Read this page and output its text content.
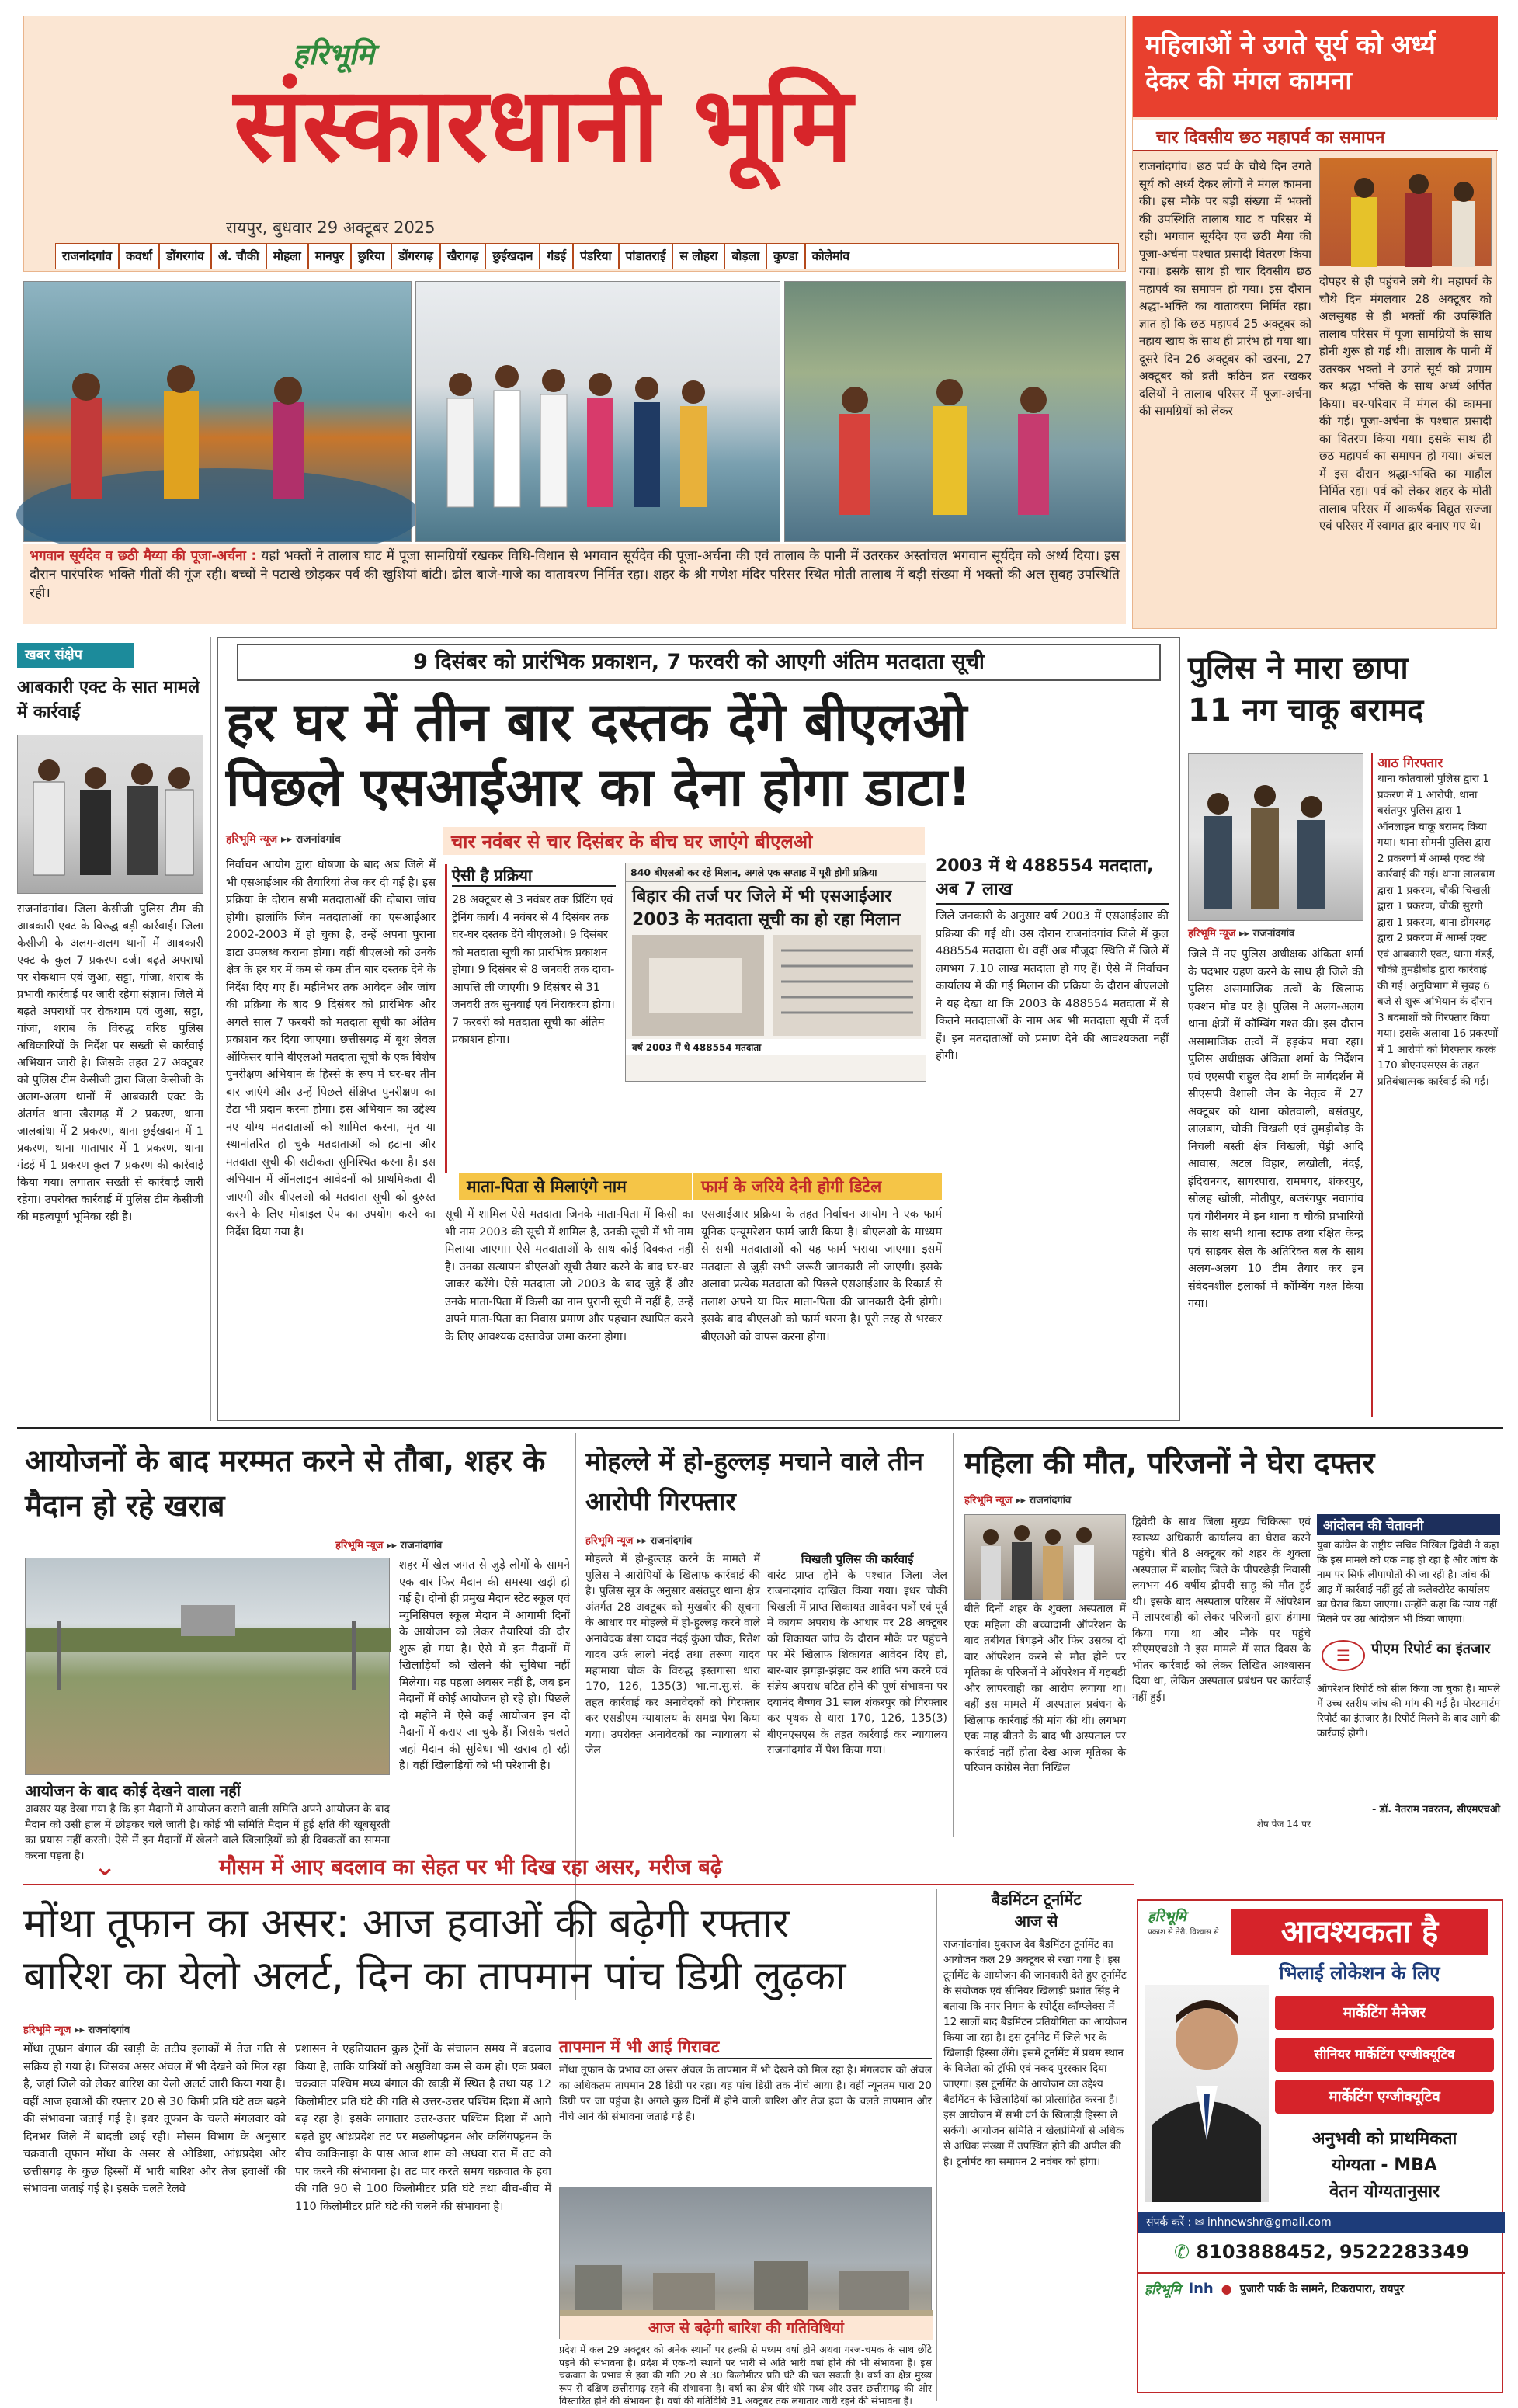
हरिभूमि
संस्कारधानी भूमि
रायपुर, बुधवार 29 अक्टूबर 2025
राजनांदगांव	कवर्धा	डोंगरगांव	अं. चौकी	मोहला	मानपुर	छुरिया	डोंगरगढ़	खैरागढ़	छुईखदान	गंडई	पंडरिया	पांडातराई	स लोहरा	बोड़ला	कुण्डा	कोलेमांव
भगवान सूर्यदेव व छठी मैय्या की पूजा-अर्चना : यहां भक्तों ने तालाब घाट में पूजा सामग्रियों रखकर विधि-विधान से भगवान सूर्यदेव की पूजा-अर्चना की एवं तालाब के पानी में उतरकर अस्तांचल भगवान सूर्यदेव को अर्ध्य दिया। इस दौरान पारंपरिक भक्ति गीतों की गूंज रही। बच्चों ने पटाखे छोड़कर पर्व की खुशियां बांटी। ढोल बाजे-गाजे का वातावरण निर्मित रहा। शहर के श्री गणेश मंदिर परिसर स्थित मोती तालाब में बड़ी संख्या में भक्तों की अल सुबह उपस्थिति रही।
महिलाओं ने उगते सूर्य को अर्ध्य देकर की मंगल कामना
चार दिवसीय छठ महापर्व का समापन
राजनांदगांव। छठ पर्व के चौथे दिन उगते सूर्य को अर्ध्य देकर लोगों ने मंगल कामना की। इस मौके पर बड़ी संख्या में भक्तों की उपस्थिति तालाब घाट व परिसर में रही। भगवान सूर्यदेव एवं छठी मैया की पूजा-अर्चना पश्चात प्रसादी वितरण किया गया। इसके साथ ही चार दिवसीय छठ महापर्व का समापन हो गया। इस दौरान श्रद्धा-भक्ति का वातावरण निर्मित रहा। ज्ञात हो कि छठ महापर्व 25 अक्टूबर को नहाय खाय के साथ ही प्रारंभ हो गया था। दूसरे दिन 26 अक्टूबर को खरना, 27 अक्टूबर को व्रती कठिन व्रत रखकर दलियों ने तालाब परिसर में पूजा-अर्चना की सामग्रियों को लेकर
दोपहर से ही पहुंचने लगे थे। महापर्व के चौथे दिन मंगलवार 28 अक्टूबर को अलसुबह से ही भक्तों की उपस्थिति तालाब परिसर में पूजा सामग्रियों के साथ होनी शुरू हो गई थी। तालाब के पानी में उतरकर भक्तों ने उगते सूर्य को प्रणाम कर श्रद्धा भक्ति के साथ अर्ध्य अर्पित किया। घर-परिवार में मंगल की कामना की गई। पूजा-अर्चना के पश्चात प्रसादी का वितरण किया गया। इसके साथ ही छठ महापर्व का समापन हो गया। अंचल में इस दौरान श्रद्धा-भक्ति का माहौल निर्मित रहा। पर्व को लेकर शहर के मोती तालाब परिसर में आकर्षक विद्युत सज्जा एवं परिसर में स्वागत द्वार बनाए गए थे।
खबर संक्षेप
आबकारी एक्ट के सात मामले में कार्रवाई
राजनांदगांव। जिला केसीजी पुलिस टीम की आबकारी एक्ट के विरुद्ध बड़ी कार्रवाई। जिला केसीजी के अलग-अलग थानों में आबकारी एक्ट के कुल 7 प्रकरण दर्ज। बढ़ते अपराधों पर रोकथाम एवं जुआ, सट्टा, गांजा, शराब के प्रभावी कार्रवाई पर जारी रहेगा संज्ञान। जिले में बढ़ते अपराधों पर रोकथाम एवं जुआ, सट्टा, गांजा, शराब के विरुद्ध वरिष्ठ पुलिस अधिकारियों के निर्देश पर सख्ती से कार्रवाई अभियान जारी है। जिसके तहत 27 अक्टूबर को पुलिस टीम केसीजी द्वारा जिला केसीजी के अलग-अलग थानों में आबकारी एक्ट के अंतर्गत थाना खैरागढ़ में 2 प्रकरण, थाना जालबांधा में 2 प्रकरण, थाना छुईखदान में 1 प्रकरण, थाना गातापार में 1 प्रकरण, थाना गंडई में 1 प्रकरण कुल 7 प्रकरण की कार्रवाई किया गया। लगातार सख्ती से कार्रवाई जारी रहेगा। उपरोक्त कार्रवाई में पुलिस टीम केसीजी की महत्वपूर्ण भूमिका रही है।
9 दिसंबर को प्रारंभिक प्रकाशन, 7 फरवरी को आएगी अंतिम मतदाता सूची
हर घर में तीन बार दस्तक देंगे बीएलओ
पिछले एसआईआर का देना होगा डाटा!
हरिभूमि न्यूज ▸▸ राजनांदगांव	चार नवंबर से चार दिसंबर के बीच घर जाएंगे बीएलओ
निर्वाचन आयोग द्वारा घोषणा के बाद अब जिले में भी एसआईआर की तैयारियां तेज कर दी गई है। इस प्रक्रिया के दौरान सभी मतदाताओं की दोबारा जांच होगी। हालांकि जिन मतदाताओं का एसआईआर 2002-2003 में हो चुका है, उन्हें अपना पुराना डाटा उपलब्ध कराना होगा। वहीं बीएलओ को उनके क्षेत्र के हर घर में कम से कम तीन बार दस्तक देने के निर्देश दिए गए हैं। महीनेभर तक आवेदन और जांच की प्रक्रिया के बाद 9 दिसंबर को प्रारंभिक और अगले साल 7 फरवरी को मतदाता सूची का अंतिम प्रकाशन कर दिया जाएगा। छत्तीसगढ़ में बूथ लेवल ऑफिसर यानि बीएलओ मतदाता सूची के एक विशेष पुनरीक्षण अभियान के हिस्से के रूप में घर-घर तीन बार जाएंगे और उन्हें पिछले संक्षिप्त पुनरीक्षण का डेटा भी प्रदान करना होगा। इस अभियान का उद्देश्य नए योग्य मतदाताओं को शामिल करना, मृत या स्थानांतरित हो चुके मतदाताओं को हटाना और मतदाता सूची की सटीकता सुनिश्चित करना है। इस अभियान में ऑनलाइन आवेदनों को प्राथमिकता दी जाएगी और बीएलओ को मतदाता सूची को दुरुस्त करने के लिए मोबाइल ऐप का उपयोग करने का निर्देश दिया गया है।
ऐसी है प्रक्रिया
28 अक्टूबर से 3 नवंबर तक प्रिंटिंग एवं ट्रेनिंग कार्य। 4 नवंबर से 4 दिसंबर तक घर-घर दस्तक देंगे बीएलओ। 9 दिसंबर को मतदाता सूची का प्रारंभिक प्रकाशन होगा। 9 दिसंबर से 8 जनवरी तक दावा-आपत्ति ली जाएगी। 9 दिसंबर से 31 जनवरी तक सुनवाई एवं निराकरण होगा। 7 फरवरी को मतदाता सूची का अंतिम प्रकाशन होगा।
840 बीएलओ कर रहे मिलान, अगले एक सप्ताह में पूरी होगी प्रक्रिया
बिहार की तर्ज पर जिले में भी एसआईआर 2003 के मतदाता सूची का हो रहा मिलान
वर्ष 2003 में थे 488554 मतदाता
2003 में थे 488554 मतदाता, अब 7 लाख
जिले जनकारी के अनुसार वर्ष 2003 में एसआईआर की प्रक्रिया की गई थी। उस दौरान राजनांदगांव जिले में कुल 488554 मतदाता थे। वहीं अब मौजूदा स्थिति में जिले में लगभग 7.10 लाख मतदाता हो गए हैं। ऐसे में निर्वाचन कार्यालय में की गई मिलान की प्रक्रिया के दौरान बीएलओ ने यह देखा था कि 2003 के 488554 मतदाता में से कितने मतदाताओं के नाम अब भी मतदाता सूची में दर्ज हैं। इन मतदाताओं को प्रमाण देने की आवश्यकता नहीं होगी।
माता-पिता से मिलाएंगे नाम	फार्म के जरिये देनी होगी डिटेल
सूची में शामिल ऐसे मतदाता जिनके माता-पिता में किसी का भी नाम 2003 की सूची में शामिल है, उनकी सूची में भी नाम मिलाया जाएगा। ऐसे मतदाताओं के साथ कोई दिक्कत नहीं है। उनका सत्यापन बीएलओ सूची तैयार करने के बाद घर-घर जाकर करेंगे। ऐसे मतदाता जो 2003 के बाद जुड़े हैं और उनके माता-पिता में किसी का नाम पुरानी सूची में नहीं है, उन्हें अपने माता-पिता का निवास प्रमाण और पहचान स्थापित करने के लिए आवश्यक दस्तावेज जमा करना होगा।
एसआईआर प्रक्रिया के तहत निर्वाचन आयोग ने एक फार्म यूनिक एन्यूमरेशन फार्म जारी किया है। बीएलओ के माध्यम से सभी मतदाताओं को यह फार्म भराया जाएगा। इसमें मतदाता से जुड़ी सभी जरूरी जानकारी ली जाएगी। इसके अलावा प्रत्येक मतदाता को पिछले एसआईआर के रिकार्ड से तलाश अपने या फिर माता-पिता की जानकारी देनी होगी। इसके बाद बीएलओ को फार्म भरना है। पूरी तरह से भरकर बीएलओ को वापस करना होगा।
पुलिस ने मारा छापा
11 नग चाकू बरामद
हरिभूमि न्यूज ▸▸ राजनांदगांव
जिले में नए पुलिस अधीक्षक अंकिता शर्मा के पदभार ग्रहण करने के साथ ही जिले की पुलिस असामाजिक तत्वों के खिलाफ एक्शन मोड पर है। पुलिस ने अलग-अलग थाना क्षेत्रों में कॉम्बिंग गश्त की। इस दौरान असामाजिक तत्वों में हड़कंप मचा रहा। पुलिस अधीक्षक अंकिता शर्मा के निर्देशन एवं एएसपी राहुल देव शर्मा के मार्गदर्शन में सीएसपी वैशाली जैन के नेतृत्व में 27 अक्टूबर को थाना कोतवाली, बसंतपुर, लालबाग, चौकी चिखली एवं तुमड़ीबोड़ के निचली बस्ती क्षेत्र चिखली, पेंड्री आदि आवास, अटल विहार, लखोली, नंदई, इंदिरानगर, सागरपारा, राममगर, शंकरपुर, सोलह खोली, मोतीपुर, बजरंगपुर नवागांव एवं गौरीनगर में इन थाना व चौकी प्रभारियों के साथ सभी थाना स्टाफ तथा रक्षित केन्द्र एवं साइबर सेल के अतिरिक्त बल के साथ अलग-अलग 10 टीम तैयार कर इन संवेदनशील इलाकों में कॉम्बिंग गश्त किया गया।
आठ गिरफ्तार
थाना कोतवाली पुलिस द्वारा 1 प्रकरण में 1 आरोपी, थाना बसंतपुर पुलिस द्वारा 1 ऑनलाइन चाकू बरामद किया गया। थाना सोमनी पुलिस द्वारा 2 प्रकरणों में आर्म्स एक्ट की कार्रवाई की गई। थाना लालबाग द्वारा 1 प्रकरण, चौकी चिखली द्वारा 1 प्रकरण, चौकी सुरगी द्वारा 1 प्रकरण, थाना डोंगरगढ़ द्वारा 2 प्रकरण में आर्म्स एक्ट एवं आबकारी एक्ट, थाना गंडई, चौकी तुमड़ीबोड़ द्वारा कार्रवाई की गई। अनुविभाग में सुबह 6 बजे से शुरू अभियान के दौरान 3 बदमाशों को गिरफ्तार किया गया। इसके अलावा 16 प्रकरणों में 1 आरोपी को गिरफ्तार करके 170 बीएनएसएस के तहत प्रतिबंधात्मक कार्रवाई की गई।
आयोजनों के बाद मरम्मत करने से तौबा, शहर के मैदान हो रहे खराब
हरिभूमि न्यूज ▸▸ राजनांदगांव
आयोजन के बाद कोई देखने वाला नहीं
अक्सर यह देखा गया है कि इन मैदानों में आयोजन कराने वाली समिति अपने आयोजन के बाद मैदान को उसी हाल में छोड़कर चले जाती है। कोई भी समिति मैदान में हुई क्षति की खूबसूरती का प्रयास नहीं करती। ऐसे में इन मैदानों में खेलने वाले खिलाड़ियों को ही दिक्कतों का सामना करना पड़ता है।
शहर में खेल जगत से जुड़े लोगों के सामने एक बार फिर मैदान की समस्या खड़ी हो गई है। दोनों ही प्रमुख मैदान स्टेट स्कूल एवं म्युनिसिपल स्कूल मैदान में आगामी दिनों के आयोजन को लेकर तैयारियां की दौर शुरू हो गया है। ऐसे में इन मैदानों में खिलाड़ियों को खेलने की सुविधा नहीं मिलेगा। यह पहला अवसर नहीं है, जब इन मैदानों में कोई आयोजन हो रहे हो। पिछले दो महीने में ऐसे कई आयोजन इन दो मैदानों में कराए जा चुके हैं। जिसके चलते जहां मैदान की सुविधा भी खराब हो रही है। वहीं खिलाड़ियों को भी परेशानी है।
मोहल्ले में हो-हुल्लड़ मचाने वाले तीन आरोपी गिरफ्तार
हरिभूमि न्यूज ▸▸ राजनांदगांव
मोहल्ले में हो-हुल्लड़ करने के मामले में पुलिस ने आरोपियों के खिलाफ कार्रवाई की है। पुलिस सूत्र के अनुसार बसंतपुर थाना क्षेत्र अंतर्गत 28 अक्टूबर को मुखबीर की सूचना के आधार पर मोहल्ले में हो-हुल्लड़ करने वाले अनावेदक बंसा यादव नंदई कुंआ चौक, रितेश यादव उर्फ लालो नंदई तथा तरूण यादव महामाया चौक के विरुद्ध इस्तगासा धारा 170, 126, 135(3) भा.ना.सु.सं. के तहत कार्रवाई कर अनावेदकों को गिरफ्तार कर एसडीएम न्यायालय के समक्ष पेश किया गया। उपरोक्त अनावेदकों का न्यायालय से जेल
चिखली पुलिस की कार्रवाई
वारंट प्राप्त होने के पश्चात जिला जेल राजनांदगांव दाखिल किया गया। इधर चौकी चिखली में प्राप्त शिकायत आवेदन पत्रों एवं पूर्व में कायम अपराध के आधार पर 28 अक्टूबर को शिकायत जांच के दौरान मौके पर पहुंचने पर मेरे खिलाफ शिकायत आवेदन दिए हो, बार-बार झगड़ा-झंझट कर शांति भंग करने एवं संज्ञेय अपराध घटित होने की पूर्ण संभावना पर दयानंद बैष्णव 31 साल शंकरपुर को गिरफ्तार कर पृथक से धारा 170, 126, 135(3) बीएनएसएस के तहत कार्रवाई कर न्यायालय राजनांदगांव में पेश किया गया।
महिला की मौत, परिजनों ने घेरा दफ्तर
हरिभूमि न्यूज ▸▸ राजनांदगांव
बीते दिनों शहर के शुक्ला अस्पताल में एक महिला की बच्चादानी ऑपरेशन के बाद तबीयत बिगड़ने और फिर उसका दो बार ऑपरेशन करने से मौत होने पर मृतिका के परिजनों ने ऑपरेशन में गड़बड़ी और लापरवाही का आरोप लगाया था। वहीं इस मामले में अस्पताल प्रबंधन के खिलाफ कार्रवाई की मांग की थी। लगभग एक माह बीतने के बाद भी अस्पताल पर कार्रवाई नहीं होता देख आज मृतिका के परिजन कांग्रेस नेता निखिल
द्विवेदी के साथ जिला मुख्य चिकित्सा एवं स्वास्थ्य अधिकारी कार्यालय का घेराव करने पहुंचे। बीते 8 अक्टूबर को शहर के शुक्ला अस्पताल में बालोद जिले के पीपरछेड़ी निवासी लगभग 46 वर्षीय द्रौपदी साहू की मौत हुई थी। इसके बाद अस्पताल परिसर में ऑपरेशन में लापरवाही को लेकर परिजनों द्वारा हंगामा किया गया था और मौके पर पहुंचे सीएमएचओ ने इस मामले में सात दिवस के भीतर कार्रवाई को लेकर लिखित आश्वासन दिया था, लेकिन अस्पताल प्रबंधन पर कार्रवाई नहीं हुई।
शेष पेज 14 पर
आंदोलन की चेतावनी
युवा कांग्रेस के राष्ट्रीय सचिव निखिल द्विवेदी ने कहा कि इस मामले को एक माह हो रहा है और जांच के नाम पर सिर्फ लीपापोती की जा रही है। जांच की आड़ में कार्रवाई नहीं हुई तो कलेक्टोरेट कार्यालय का घेराव किया जाएगा। उन्होंने कहा कि न्याय नहीं मिलने पर उग्र आंदोलन भी किया जाएगा।
☰	पीएम रिपोर्ट का इंतजार
ऑपरेशन रिपोर्ट को सील किया जा चुका है। मामले में उच्च स्तरीय जांच की मांग की गई है। पोस्टमार्टम रिपोर्ट का इंतजार है। रिपोर्ट मिलने के बाद आगे की कार्रवाई होगी।
- डॉ. नेतराम नवरतन, सीएमएचओ
⌄	मौसम में आए बदलाव का सेहत पर भी दिख रहा असर, मरीज बढ़े
मोंथा तूफान का असर: आज हवाओं की बढ़ेगी रफ्तार
बारिश का येलो अलर्ट, दिन का तापमान पांच डिग्री लुढ़का
हरिभूमि न्यूज ▸▸ राजनांदगांव
मोंथा तूफान बंगाल की खाड़ी के तटीय इलाकों में तेज गति से सक्रिय हो गया है। जिसका असर अंचल में भी देखने को मिल रहा है, जहां जिले को लेकर बारिश का येलो अलर्ट जारी किया गया है। वहीं आज हवाओं की रफ्तार 20 से 30 किमी प्रति घंटे तक बढ़ने की संभावना जताई गई है। इधर तूफान के चलते मंगलवार को दिनभर जिले में बादली छाई रही। मौसम विभाग के अनुसार चक्रवाती तूफान मोंथा के असर से ओडिशा, आंध्रप्रदेश और छत्तीसगढ़ के कुछ हिस्सों में भारी बारिश और तेज हवाओं की संभावना जताई गई है। इसके चलते रेलवे
प्रशासन ने एहतियातन कुछ ट्रेनों के संचालन समय में बदलाव किया है, ताकि यात्रियों को असुविधा कम से कम हो। एक प्रबल चक्रवात पश्चिम मध्य बंगाल की खाड़ी में स्थित है तथा यह 12 किलोमीटर प्रति घंटे की गति से उत्तर-उत्तर पश्चिम दिशा में आगे बढ़ रहा है। इसके लगातार उत्तर-उत्तर पश्चिम दिशा में आगे बढ़ते हुए आंध्रप्रदेश तट पर मछलीपट्टनम और कलिंगपट्टनम के बीच काकिनाड़ा के पास आज शाम को अथवा रात में तट को पार करने की संभावना है। तट पार करते समय चक्रवात के हवा की गति 90 से 100 किलोमीटर प्रति घंटे तथा बीच-बीच में 110 किलोमीटर प्रति घंटे की चलने की संभावना है।
तापमान में भी आई गिरावट
मोंथा तूफान के प्रभाव का असर अंचल के तापमान में भी देखने को मिल रहा है। मंगलवार को अंचल का अधिकतम तापमान 28 डिग्री पर रहा। यह पांच डिग्री तक नीचे आया है। वहीं न्यूनतम पारा 20 डिग्री पर जा पहुंचा है। अगले कुछ दिनों में होने वाली बारिश और तेज हवा के चलते तापमान और नीचे आने की संभावना जताई गई है।
आज से बढ़ेगी बारिश की गतिविधियां
प्रदेश में कल 29 अक्टूबर को अनेक स्थानों पर हल्की से मध्यम वर्षा होने अथवा गरज-चमक के साथ छींटे पड़ने की संभावना है। प्रदेश में एक-दो स्थानों पर भारी से अति भारी वर्षा होने की भी संभावना है। इस चक्रवात के प्रभाव से हवा की गति 20 से 30 किलोमीटर प्रति घंटे की चल सकती है। वर्षा का क्षेत्र मुख्य रूप से दक्षिण छत्तीसगढ़ रहने की संभावना है। वर्षा का क्षेत्र धीरे-धीरे मध्य और उत्तर छत्तीसगढ़ की ओर विस्तारित होने की संभावना है। वर्षा की गतिविधि 31 अक्टूबर तक लगातार जारी रहने की संभावना है।
बैडमिंटन टूर्नामेंट
आज से
राजनांदगांव। युवराज देव बैडमिंटन टूर्नामेंट का आयोजन कल 29 अक्टूबर से रखा गया है। इस टूर्नामेंट के आयोजन की जानकारी देते हुए टूर्नामेंट के संयोजक एवं सीनियर खिलाड़ी प्रशांत सिंह ने बताया कि नगर निगम के स्पोर्ट्स कॉम्प्लेक्स में 12 सालों बाद बैडमिंटन प्रतियोगिता का आयोजन किया जा रहा है। इस टूर्नामेंट में जिले भर के खिलाड़ी हिस्सा लेंगे। इसमें टूर्नामेंट में प्रथम स्थान के विजेता को ट्रॉफी एवं नकद पुरस्कार दिया जाएगा। इस टूर्नामेंट के आयोजन का उद्देश्य बैडमिंटन के खिलाड़ियों को प्रोत्साहित करना है। इस आयोजन में सभी वर्ग के खिलाड़ी हिस्सा ले सकेंगे। आयोजन समिति ने खेलप्रेमियों से अधिक से अधिक संख्या में उपस्थित होने की अपील की है। टूर्नामेंट का समापन 2 नवंबर को होगा।
हरिभूमि
प्रकाश से तेरी, विश्वास से	आवश्यकता है
भिलाई लोकेशन के लिए
मार्केटिंग मैनेजर
सीनियर मार्केटिंग एग्जीक्यूटिव
मार्केटिंग एग्जीक्यूटिव
अनुभवी को प्राथमिकता
योग्यता - MBA
वेतन योग्यतानुसार
संपर्क करें : ✉ inhnewshr@gmail.com
✆ 8103888452, 9522283349
हरिभूमि inh ● पुजारी पार्क के सामने, टिकरापारा, रायपुर
